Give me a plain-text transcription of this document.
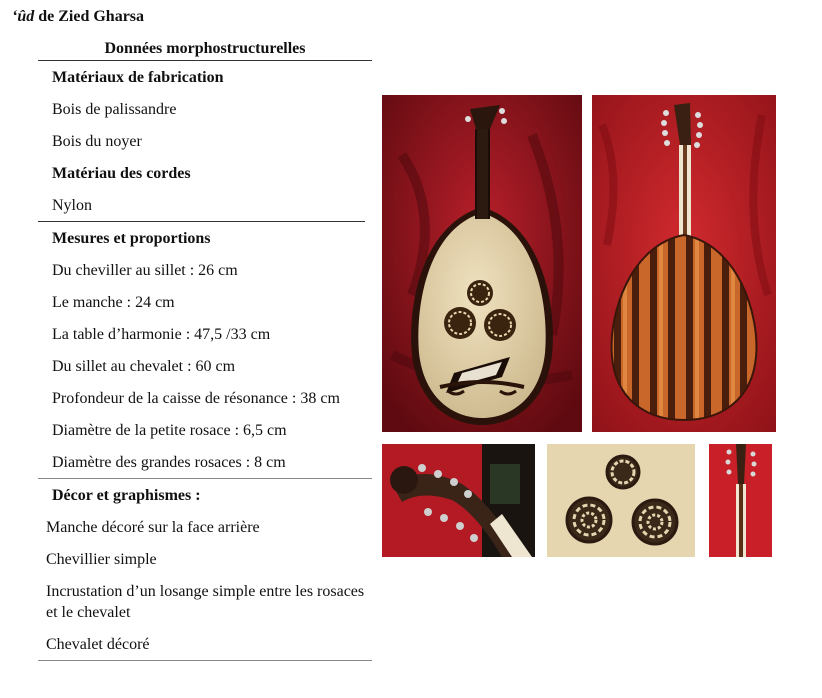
‘ûd de Zied Gharsa
Données morphostructurelles
Matériaux de fabrication
Bois de palissandre
Bois du noyer
Matériau des cordes
Nylon
Mesures et proportions
Du cheviller au sillet : 26 cm
Le manche : 24 cm
La table d’harmonie : 47,5 /33 cm
Du sillet au chevalet : 60 cm
Profondeur de la caisse de résonance : 38 cm
Diamètre de la petite rosace : 6,5 cm
Diamètre des grandes rosaces : 8 cm
Décor et graphismes :
Manche décoré sur la face arrière
Chevillier simple
Incrustation d’un losange simple entre les rosaces et le chevalet
Chevalet décoré
